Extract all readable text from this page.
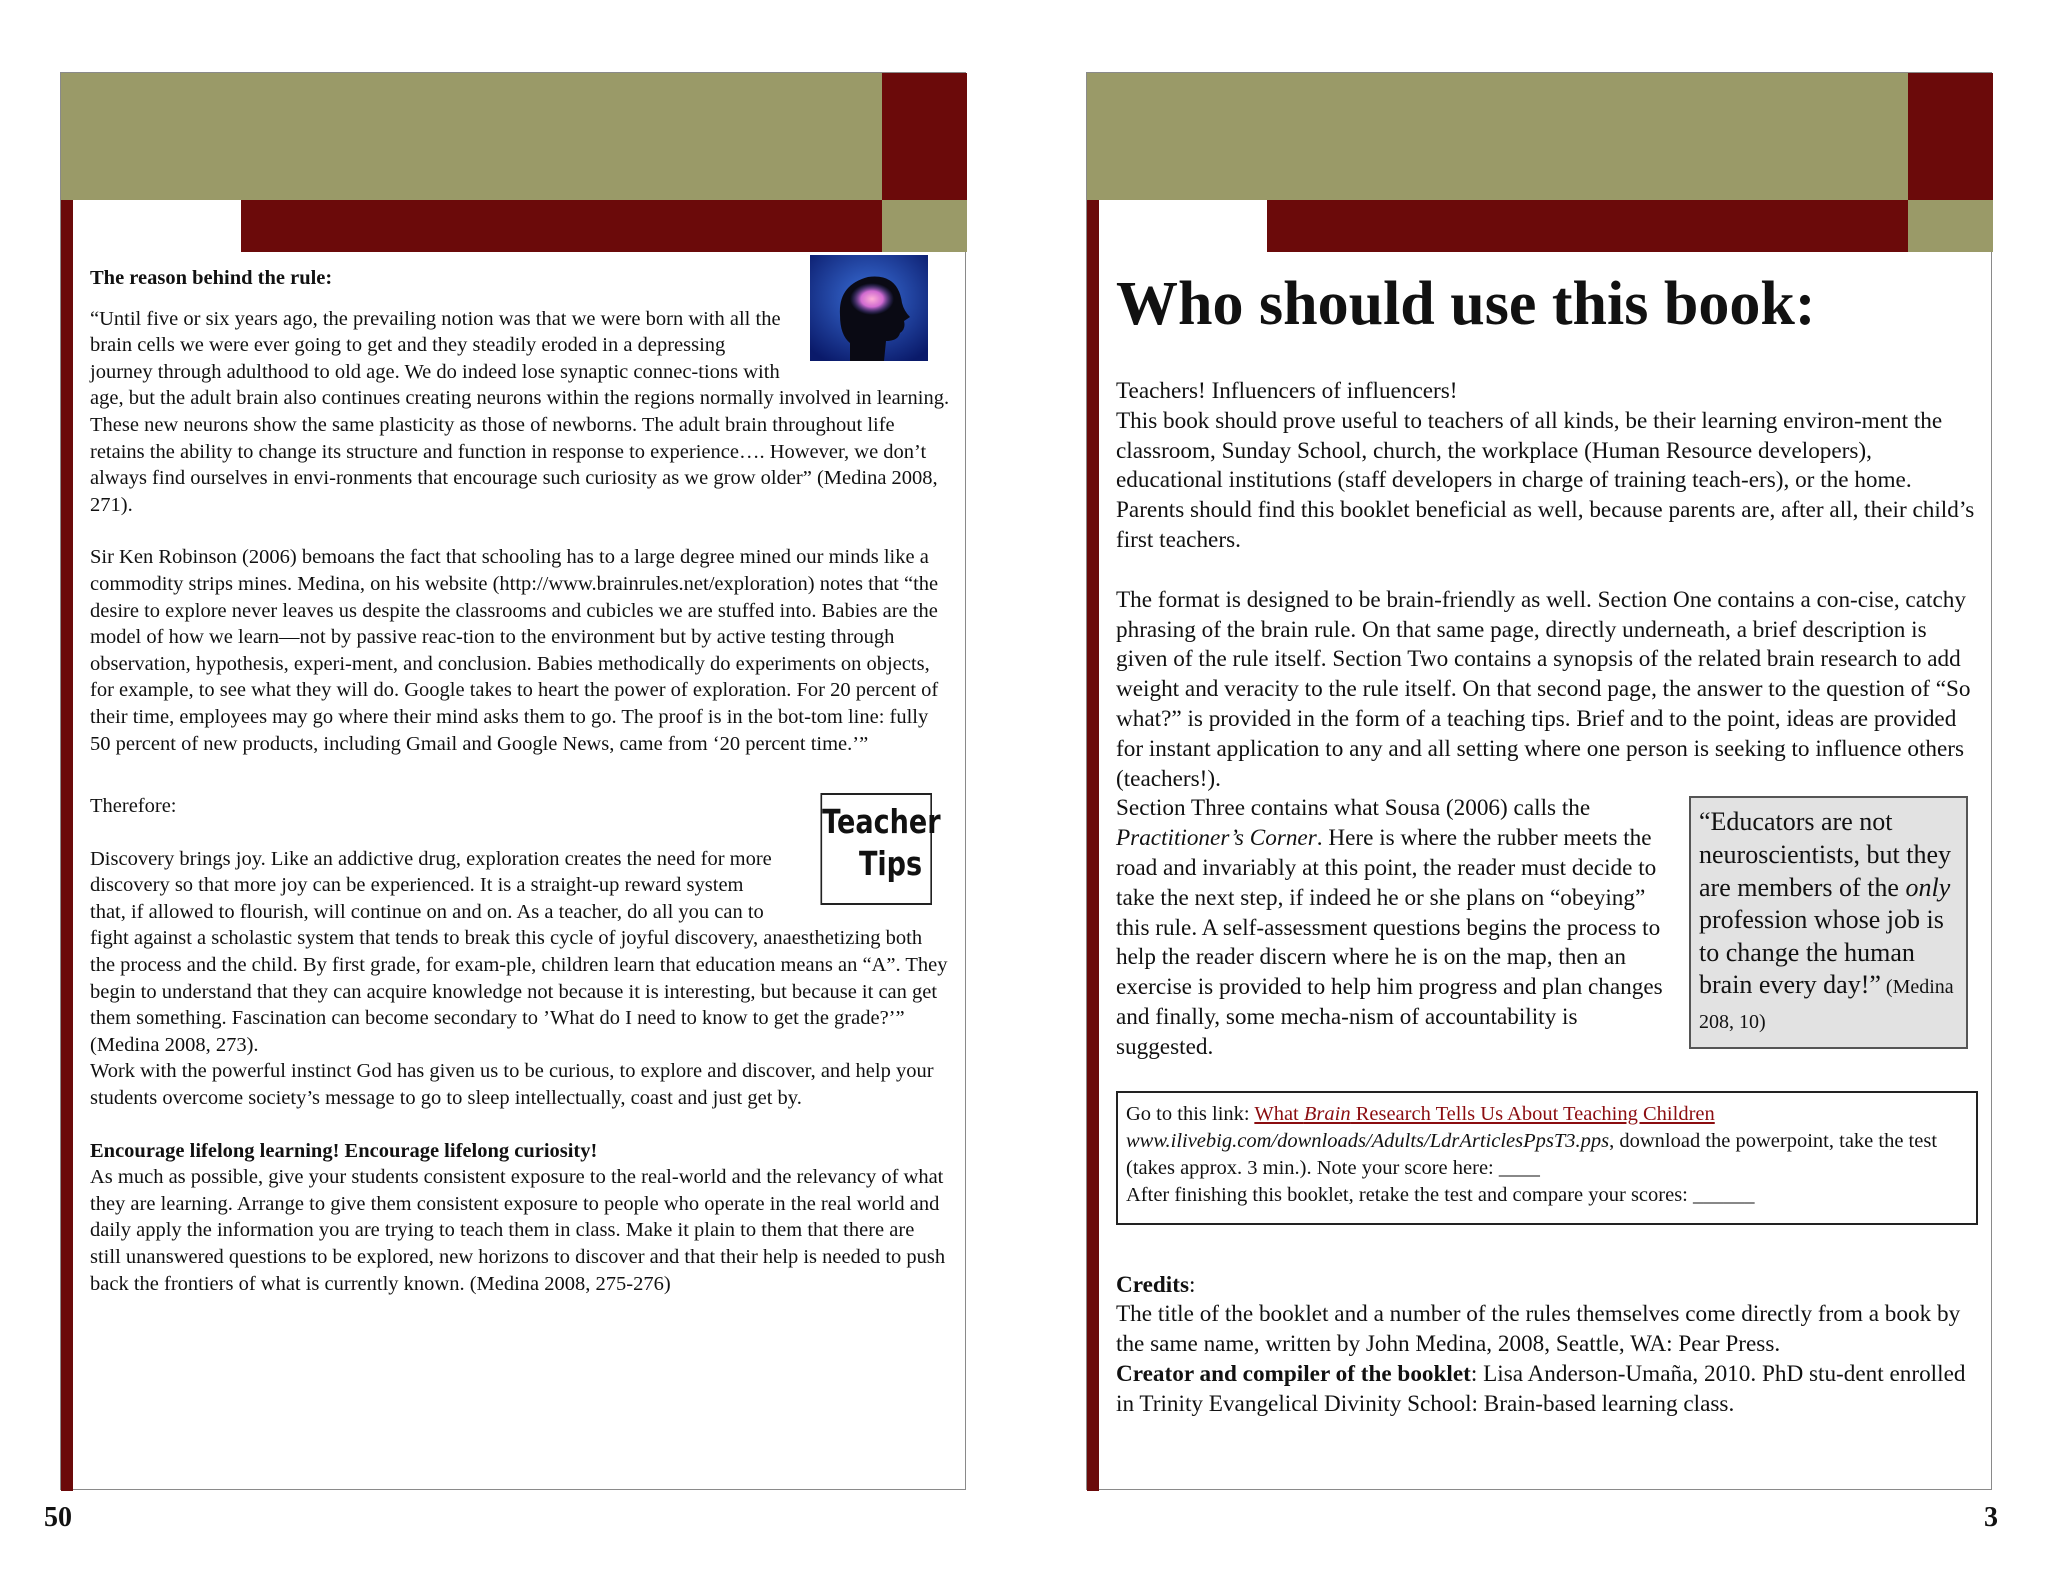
The reason behind the rule:

“Until five or six years ago, the prevailing notion was that we were born with all the brain cells we were ever going to get and they steadily eroded in a depressing journey through adulthood to old age. We do indeed lose synaptic connec-tions with age, but the adult brain also continues creating neurons within the regions normally involved in learning. These new neurons show the same plasticity as those of newborns. The adult brain throughout life retains the ability to change its structure and function in response to experience…. However, we don’t always find ourselves in envi-ronments that encourage such curiosity as we grow older” (Medina 2008, 271).

Sir Ken Robinson (2006) bemoans the fact that schooling has to a large degree mined our minds like a commodity strips mines. Medina, on his website (http://www.brainrules.net/exploration) notes that “the desire to explore never leaves us despite the classrooms and cubicles we are stuffed into. Babies are the model of how we learn—not by passive reac-tion to the environment but by active testing through observation, hypothesis, experi-ment, and conclusion. Babies methodically do experiments on objects, for example, to see what they will do. Google takes to heart the power of exploration. For 20 percent of their time, employees may go where their mind asks them to go. The proof is in the bot-tom line: fully 50 percent of new products, including Gmail and Google News, came from ‘20 percent time.’”

Teacher
Tips

Therefore:

Discovery brings joy. Like an addictive drug, exploration creates the need for more discovery so that more joy can be experienced. It is a straight-up reward system that, if allowed to flourish, will continue on and on. As a teacher, do all you can to fight against a scholastic system that tends to break this cycle of joyful discovery, anaesthetizing both the process and the child. By first grade, for exam-ple, children learn that education means an “A”. They begin to understand that they can acquire knowledge not because it is interesting, but because it can get them something. Fascination can become secondary to ’What do I need to know to get the grade?’” (Medina 2008, 273).

Work with the powerful instinct God has given us to be curious, to explore and discover, and help your students overcome society’s message to go to sleep intellectually, coast and just get by.

Encourage lifelong learning! Encourage lifelong curiosity!

As much as possible, give your students consistent exposure to the real-world and the relevancy of what they are learning. Arrange to give them consistent exposure to people who operate in the real world and daily apply the information you are trying to teach them in class. Make it plain to them that there are still unanswered questions to be explored, new horizons to discover and that their help is needed to push back the frontiers of what is currently known. (Medina 2008, 275-276)

50
Who should use this book:

Teachers! Influencers of influencers!

This book should prove useful to teachers of all kinds, be their learning environ-ment the classroom, Sunday School, church, the workplace (Human Resource developers), educational institutions (staff developers in charge of training teach-ers), or the home. Parents should find this booklet beneficial as well, because parents are, after all, their child’s first teachers.

The format is designed to be brain-friendly as well. Section One contains a con-cise, catchy phrasing of the brain rule. On that same page, directly underneath, a brief description is given of the rule itself. Section Two contains a synopsis of the related brain research to add weight and veracity to the rule itself. On that second page, the answer to the question of “So what?” is provided in the form of a teaching tips. Brief and to the point, ideas are provided for instant application to any and all setting where one person is seeking to influence others (teachers!).

“Educators are not neuroscientists, but they are members of the only profession whose job is to change the human brain every day!” (Medina 208, 10)

Section Three contains what Sousa (2006) calls the Practitioner’s Corner. Here is where the rubber meets the road and invariably at this point, the reader must decide to take the next step, if indeed he or she plans on “obeying” this rule. A self-assessment questions begins the process to help the reader discern where he is on the map, then an exercise is provided to help him progress and plan changes and finally, some mecha-nism of accountability is suggested.

Go to this link: What Brain Research Tells Us About Teaching Children
www.ilivebig.com/downloads/Adults/LdrArticlesPpsT3.pps, download the powerpoint, take the test (takes approx. 3 min.). Note your score here: ____
After finishing this booklet, retake the test and compare your scores: ______

Credits:

The title of the booklet and a number of the rules themselves come directly from a book by the same name, written by John Medina, 2008, Seattle, WA: Pear Press.

Creator and compiler of the booklet: Lisa Anderson-Umaña, 2010. PhD stu-dent enrolled in Trinity Evangelical Divinity School: Brain-based learning class.

3
